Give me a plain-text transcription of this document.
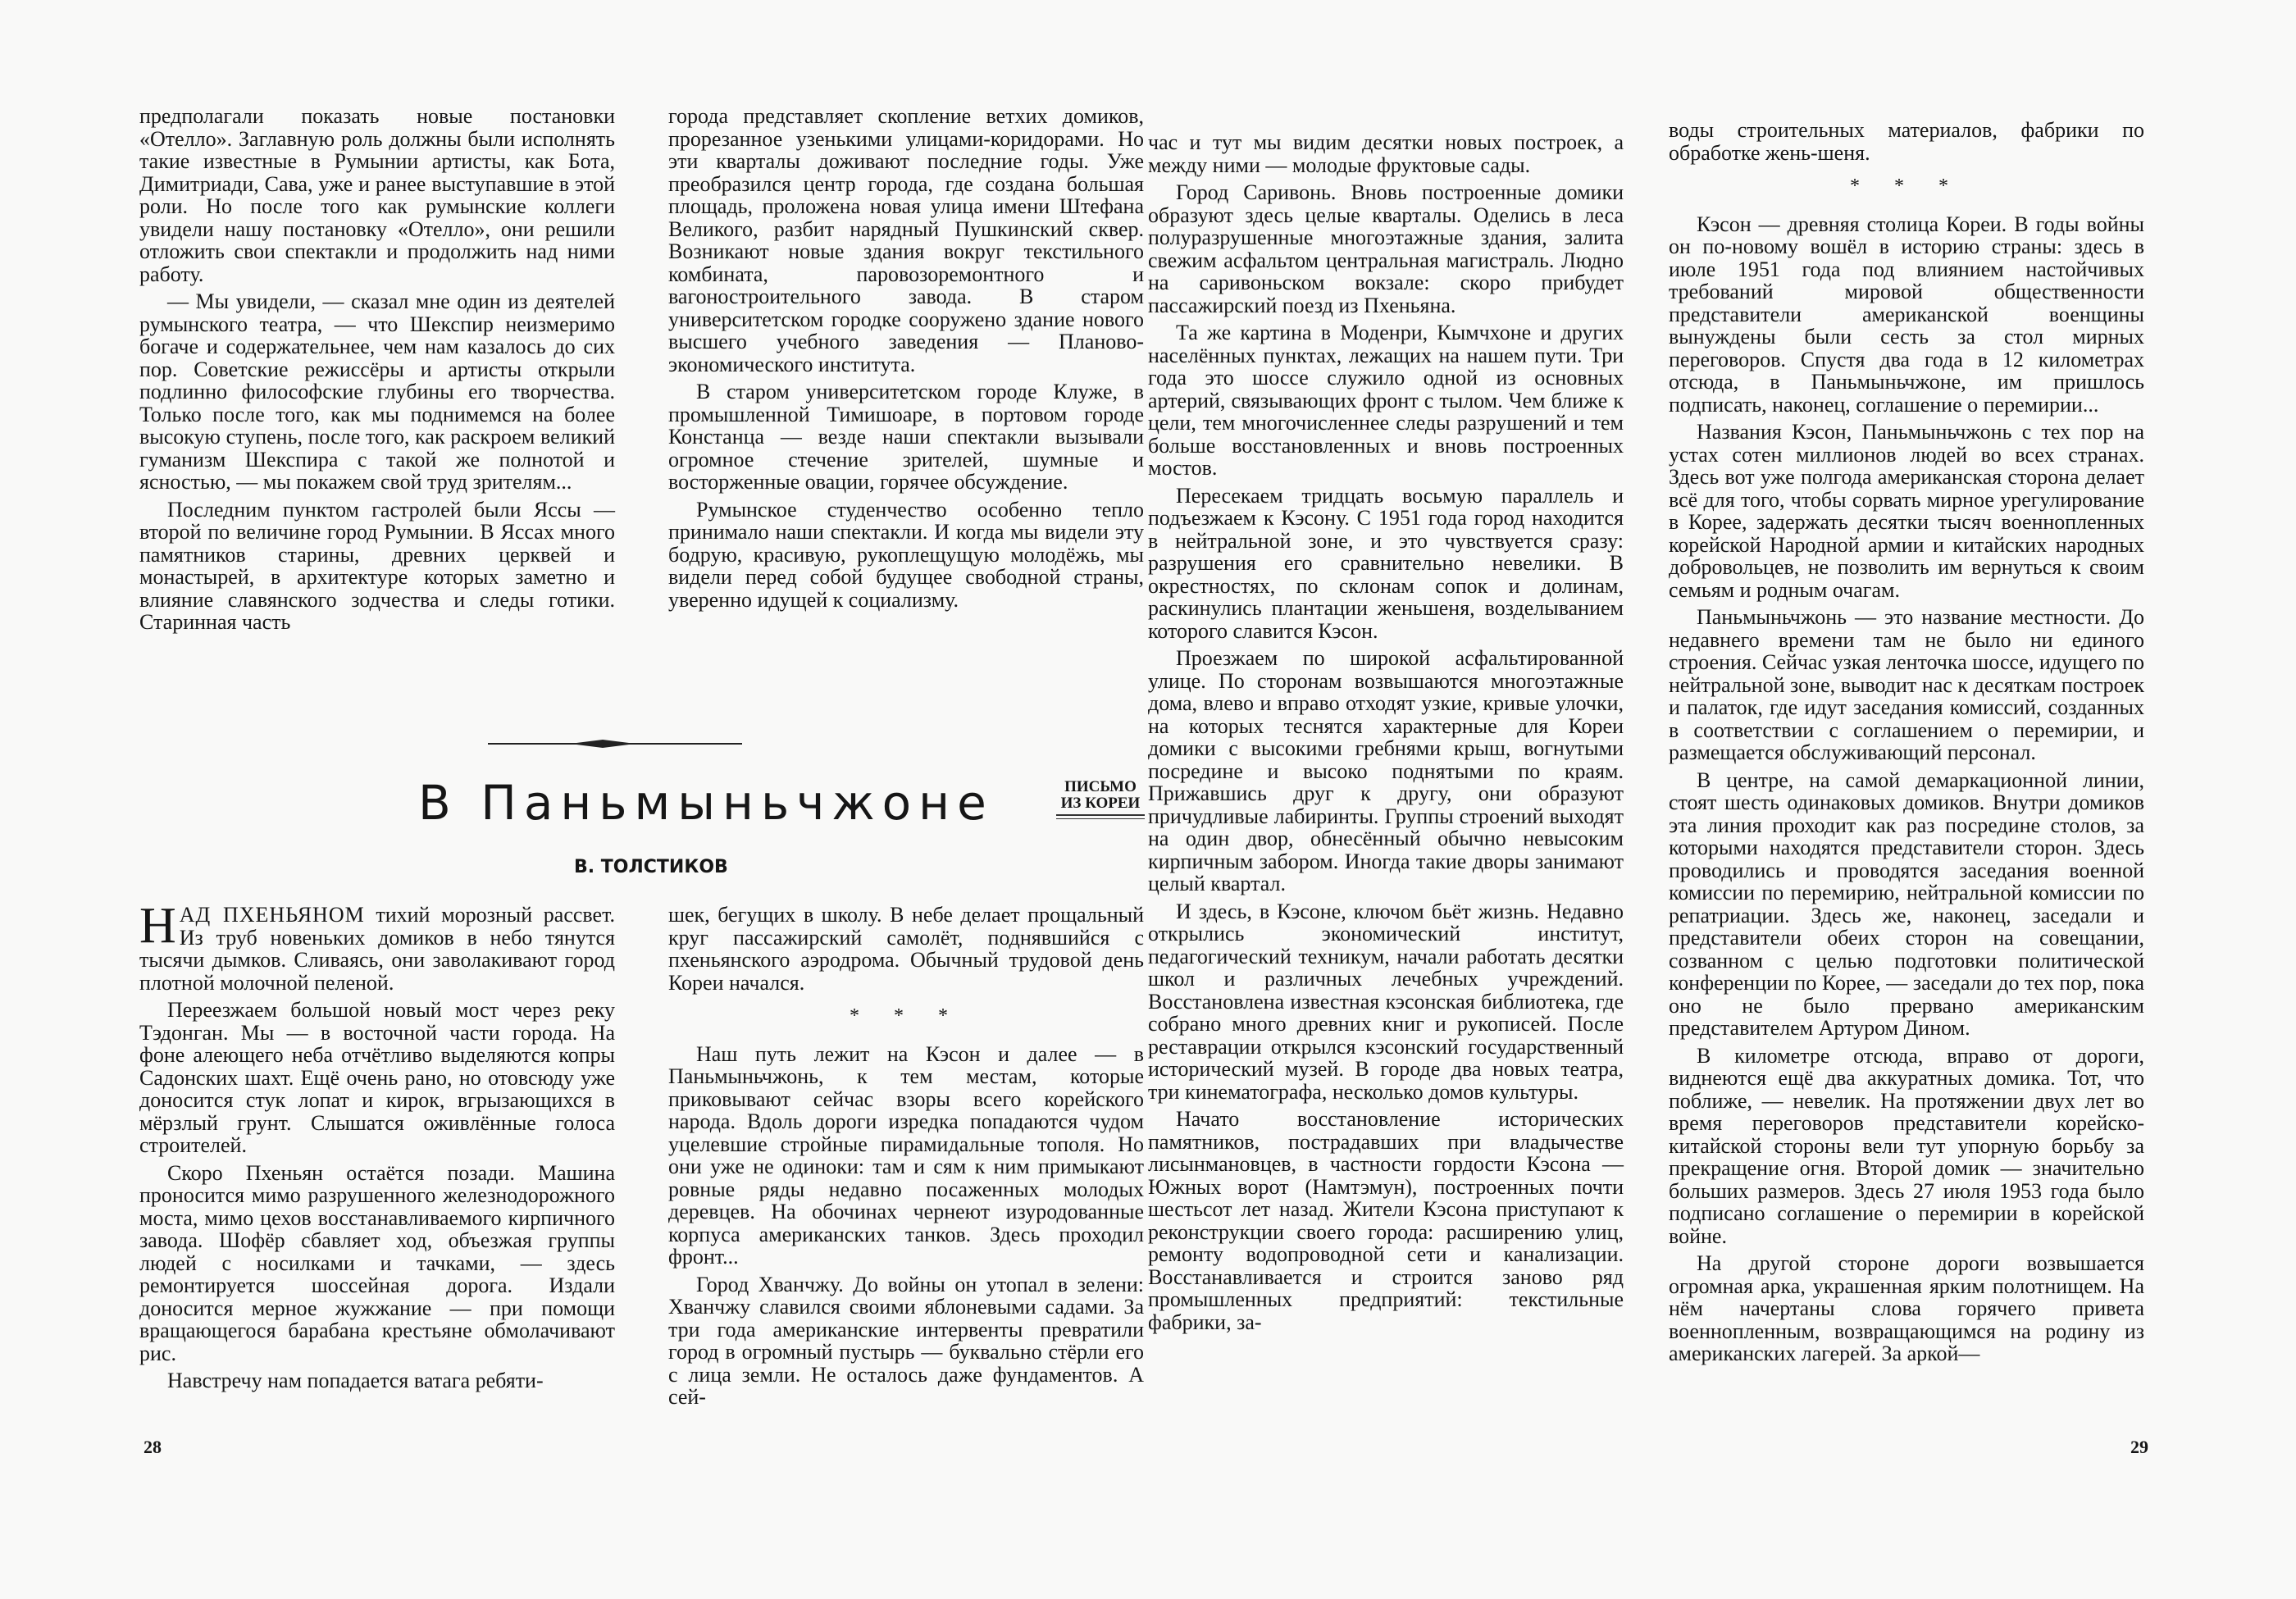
предполагали показать новые постановки «Отелло». Заглавную роль должны были исполнять такие известные в Румынии артисты, как Бота, Димитриади, Сава, уже и ранее выступавшие в этой роли. Но после того как румынские коллеги увидели нашу постановку «Отелло», они решили отложить свои спектакли и продолжить над ними работу.

— Мы увидели, — сказал мне один из деятелей румынского театра, — что Шекспир неизмеримо богаче и содержательнее, чем нам казалось до сих пор. Советские режиссёры и артисты открыли подлинно философские глубины его творчества. Только после того, как мы поднимемся на более высокую ступень, после того, как раскроем великий гуманизм Шекспира с такой же полнотой и ясностью, — мы покажем свой труд зрителям...

Последним пунктом гастролей были Яссы — второй по величине город Румынии. В Яссах много памятников старины, древних церквей и монастырей, в архитектуре которых заметно и влияние славянского зодчества и следы готики. Старинная часть

города представляет скопление ветхих домиков, прорезанное узенькими улицами-коридорами. Но эти кварталы доживают последние годы. Уже преобразился центр города, где создана большая площадь, проложена новая улица имени Штефана Великого, разбит нарядный Пушкинский сквер. Возникают новые здания вокруг текстильного комбината, паровозоремонтного и вагоностроительного завода. В старом университетском городке сооружено здание нового высшего учебного заведения — Планово-экономического института.

В старом университетском городе Клуже, в промышленной Тимишоаре, в портовом городе Констанца — везде наши спектакли вызывали огромное стечение зрителей, шумные и восторженные овации, горячее обсуждение.

Румынское студенчество особенно тепло принимало наши спектакли. И когда мы видели эту бодрую, красивую, рукоплещущую молодёжь, мы видели перед собой будущее свободной страны, уверенно идущей к социализму.

В Паньмыньчжоне
В. ТОЛСТИКОВ
ПИСЬМО
ИЗ КОРЕИ

НАД ПХЕНЬЯНОМ тихий морозный рассвет. Из труб новеньких домиков в небо тянутся тысячи дымков. Сливаясь, они заволакивают город плотной молочной пеленой.

Переезжаем большой новый мост через реку Тэдонган. Мы — в восточной части города. На фоне алеющего неба отчётливо выделяются копры Садонских шахт. Ещё очень рано, но отовсюду уже доносится стук лопат и кирок, вгрызающихся в мёрзлый грунт. Слышатся оживлённые голоса строителей.

Скоро Пхеньян остаётся позади. Машина проносится мимо разрушенного железнодорожного моста, мимо цехов восстанавливаемого кирпичного завода. Шофёр сбавляет ход, объезжая группы людей с носилками и тачками, — здесь ремонтируется шоссейная дорога. Издали доносится мерное жужжание — при помощи вращающегося барабана крестьяне обмолачивают рис.

Навстречу нам попадается ватага ребяти-

шек, бегущих в школу. В небе делает прощальный круг пассажирский самолёт, поднявшийся с пхеньянского аэродрома. Обычный трудовой день Кореи начался.

* * *

Наш путь лежит на Кэсон и далее — в Паньмыньчжонь, к тем местам, которые приковывают сейчас взоры всего корейского народа. Вдоль дороги изредка попадаются чудом уцелевшие стройные пирамидальные тополя. Но они уже не одиноки: там и сям к ним примыкают ровные ряды недавно посаженных молодых деревцев. На обочинах чернеют изуродованные корпуса американских танков. Здесь проходил фронт...

Город Хванчжу. До войны он утопал в зелени: Хванчжу славился своими яблоневыми садами. За три года американские интервенты превратили город в огромный пустырь — буквально стёрли его с лица земли. Не осталось даже фундаментов. А сей-

час и тут мы видим десятки новых построек, а между ними — молодые фруктовые сады.

Город Саривонь. Вновь построенные домики образуют здесь целые кварталы. Оделись в леса полуразрушенные многоэтажные здания, залита свежим асфальтом центральная магистраль. Людно на саривоньском вокзале: скоро прибудет пассажирский поезд из Пхеньяна.

Та же картина в Моденри, Кымчхоне и других населённых пунктах, лежащих на нашем пути. Три года это шоссе служило одной из основных артерий, связывающих фронт с тылом. Чем ближе к цели, тем многочисленнее следы разрушений и тем больше восстановленных и вновь построенных мостов.

Пересекаем тридцать восьмую параллель и подъезжаем к Кэсону. С 1951 года город находится в нейтральной зоне, и это чувствуется сразу: разрушения его сравнительно невелики. В окрестностях, по склонам сопок и долинам, раскинулись плантации женьшеня, возделыванием которого славится Кэсон.

Проезжаем по широкой асфальтированной улице. По сторонам возвышаются многоэтажные дома, влево и вправо отходят узкие, кривые улочки, на которых теснятся характерные для Кореи домики с высокими гребнями крыш, вогнутыми посредине и высоко поднятыми по краям. Прижавшись друг к другу, они образуют причудливые лабиринты. Группы строений выходят на один двор, обнесённый обычно невысоким кирпичным забором. Иногда такие дворы занимают целый квартал.

И здесь, в Кэсоне, ключом бьёт жизнь. Недавно открылись экономический институт, педагогический техникум, начали работать десятки школ и различных лечебных учреждений. Восстановлена известная кэсонская библиотека, где собрано много древних книг и рукописей. После реставрации открылся кэсонский государственный исторический музей. В городе два новых театра, три кинематографа, несколько домов культуры.

Начато восстановление исторических памятников, пострадавших при владычестве лисынмановцев, в частности гордости Кэсона — Южных ворот (Намтэмун), построенных почти шестьсот лет назад. Жители Кэсона приступают к реконструкции своего города: расширению улиц, ремонту водопроводной сети и канализации. Восстанавливается и строится заново ряд промышленных предприятий: текстильные фабрики, за-

воды строительных материалов, фабрики по обработке жень-шеня.

* * *

Кэсон — древняя столица Кореи. В годы войны он по-новому вошёл в историю страны: здесь в июле 1951 года под влиянием настойчивых требований мировой общественности представители американской военщины вынуждены были сесть за стол мирных переговоров. Спустя два года в 12 километрах отсюда, в Паньмыньчжоне, им пришлось подписать, наконец, соглашение о перемирии...

Названия Кэсон, Паньмыньчжонь с тех пор на устах сотен миллионов людей во всех странах. Здесь вот уже полгода американская сторона делает всё для того, чтобы сорвать мирное урегулирование в Корее, задержать десятки тысяч военнопленных корейской Народной армии и китайских народных добровольцев, не позволить им вернуться к своим семьям и родным очагам.

Паньмыньчжонь — это название местности. До недавнего времени там не было ни единого строения. Сейчас узкая ленточка шоссе, идущего по нейтральной зоне, выводит нас к десяткам построек и палаток, где идут заседания комиссий, созданных в соответствии с соглашением о перемирии, и размещается обслуживающий персонал.

В центре, на самой демаркационной линии, стоят шесть одинаковых домиков. Внутри домиков эта линия проходит как раз посредине столов, за которыми находятся представители сторон. Здесь проводились и проводятся заседания военной комиссии по перемирию, нейтральной комиссии по репатриации. Здесь же, наконец, заседали и представители обеих сторон на совещании, созванном с целью подготовки политической конференции по Корее, — заседали до тех пор, пока оно не было прервано американским представителем Артуром Дином.

В километре отсюда, вправо от дороги, виднеются ещё два аккуратных домика. Тот, что поближе, — невелик. На протяжении двух лет во время переговоров представители корейско-китайской стороны вели тут упорную борьбу за прекращение огня. Второй домик — значительно больших размеров. Здесь 27 июля 1953 года было подписано соглашение о перемирии в корейской войне.

На другой стороне дороги возвышается огромная арка, украшенная ярким полотнищем. На нём начертаны слова горячего привета военнопленным, возвращающимся на родину из американских лагерей. За аркой—

28	29
